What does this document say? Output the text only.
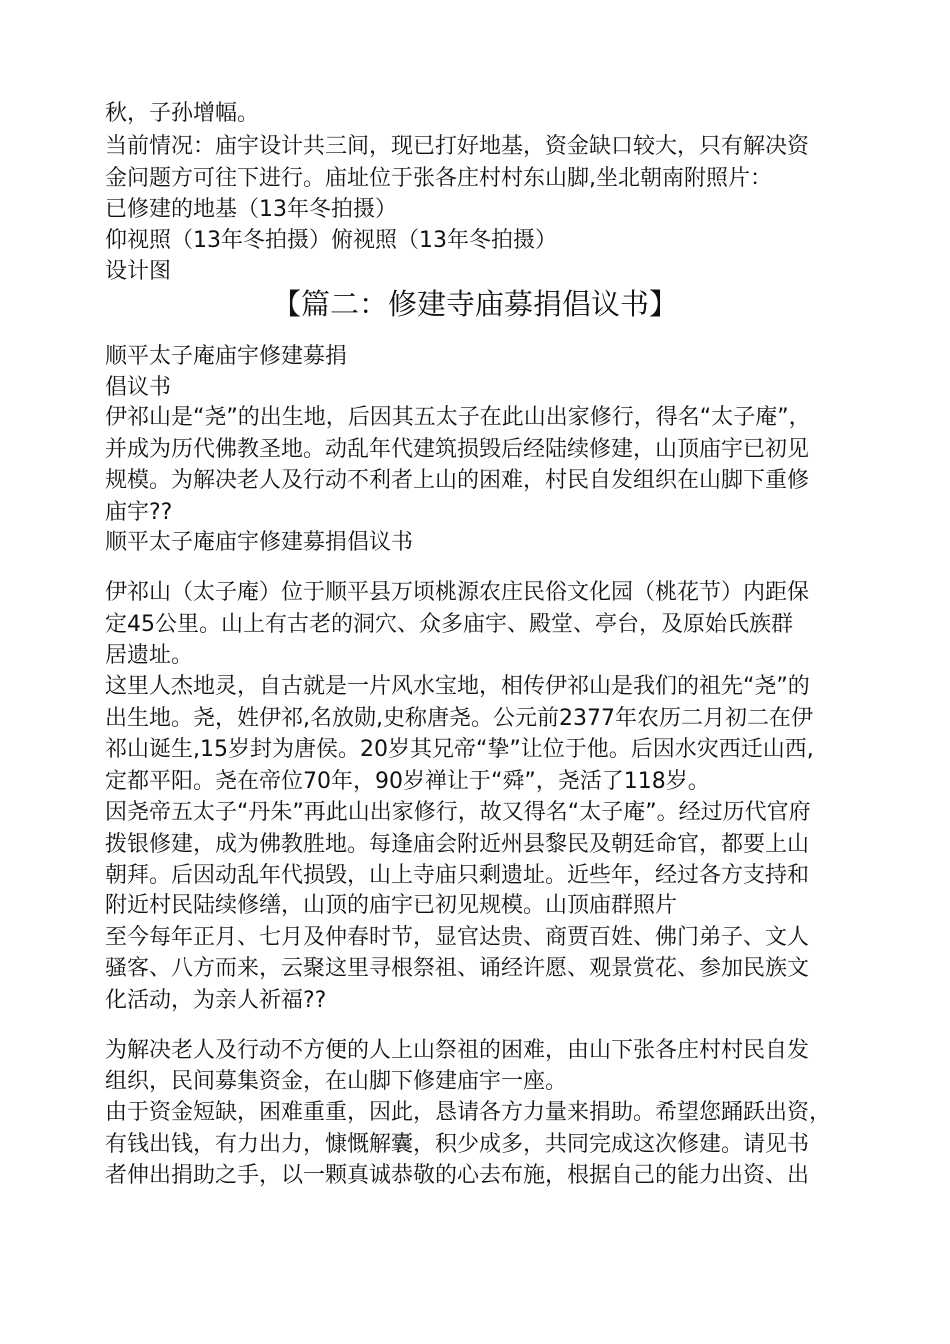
秋，子孙增幅。
当前情况：庙宇设计共三间，现已打好地基，资金缺口较大，只有解决资
金问题方可往下进行。庙址位于张各庄村村东山脚,坐北朝南附照片：
已修建的地基（13年冬拍摄）
仰视照（13年冬拍摄）俯视照（13年冬拍摄）
设计图
【篇二：修建寺庙募捐倡议书】
顺平太子庵庙宇修建募捐
倡议书
伊祁山是“尧”的出生地，后因其五太子在此山出家修行，得名“太子庵”，
并成为历代佛教圣地。动乱年代建筑损毁后经陆续修建，山顶庙宇已初见
规模。为解决老人及行动不利者上山的困难，村民自发组织在山脚下重修
庙宇??
顺平太子庵庙宇修建募捐倡议书
伊祁山（太子庵）位于顺平县万顷桃源农庄民俗文化园（桃花节）内距保
定45公里。山上有古老的洞穴、众多庙宇、殿堂、亭台，及原始氏族群
居遗址。
这里人杰地灵，自古就是一片风水宝地，相传伊祁山是我们的祖先“尧”的
出生地。尧，姓伊祁,名放勋,史称唐尧。公元前2377年农历二月初二在伊
祁山诞生,15岁封为唐侯。20岁其兄帝“挚”让位于他。后因水灾西迁山西,
定都平阳。尧在帝位70年，90岁禅让于“舜”，尧活了118岁。
因尧帝五太子“丹朱”再此山出家修行，故又得名“太子庵”。经过历代官府
拨银修建，成为佛教胜地。每逢庙会附近州县黎民及朝廷命官，都要上山
朝拜。后因动乱年代损毁，山上寺庙只剩遗址。近些年，经过各方支持和
附近村民陆续修缮，山顶的庙宇已初见规模。山顶庙群照片
至今每年正月、七月及仲春时节，显官达贵、商贾百姓、佛门弟子、文人
骚客、八方而来，云聚这里寻根祭祖、诵经许愿、观景赏花、参加民族文
化活动，为亲人祈福??
为解决老人及行动不方便的人上山祭祖的困难，由山下张各庄村村民自发
组织，民间募集资金，在山脚下修建庙宇一座。
由于资金短缺，困难重重，因此，恳请各方力量来捐助。希望您踊跃出资，
有钱出钱，有力出力，慷慨解囊，积少成多，共同完成这次修建。请见书
者伸出捐助之手，以一颗真诚恭敬的心去布施，根据自己的能力出资、出
